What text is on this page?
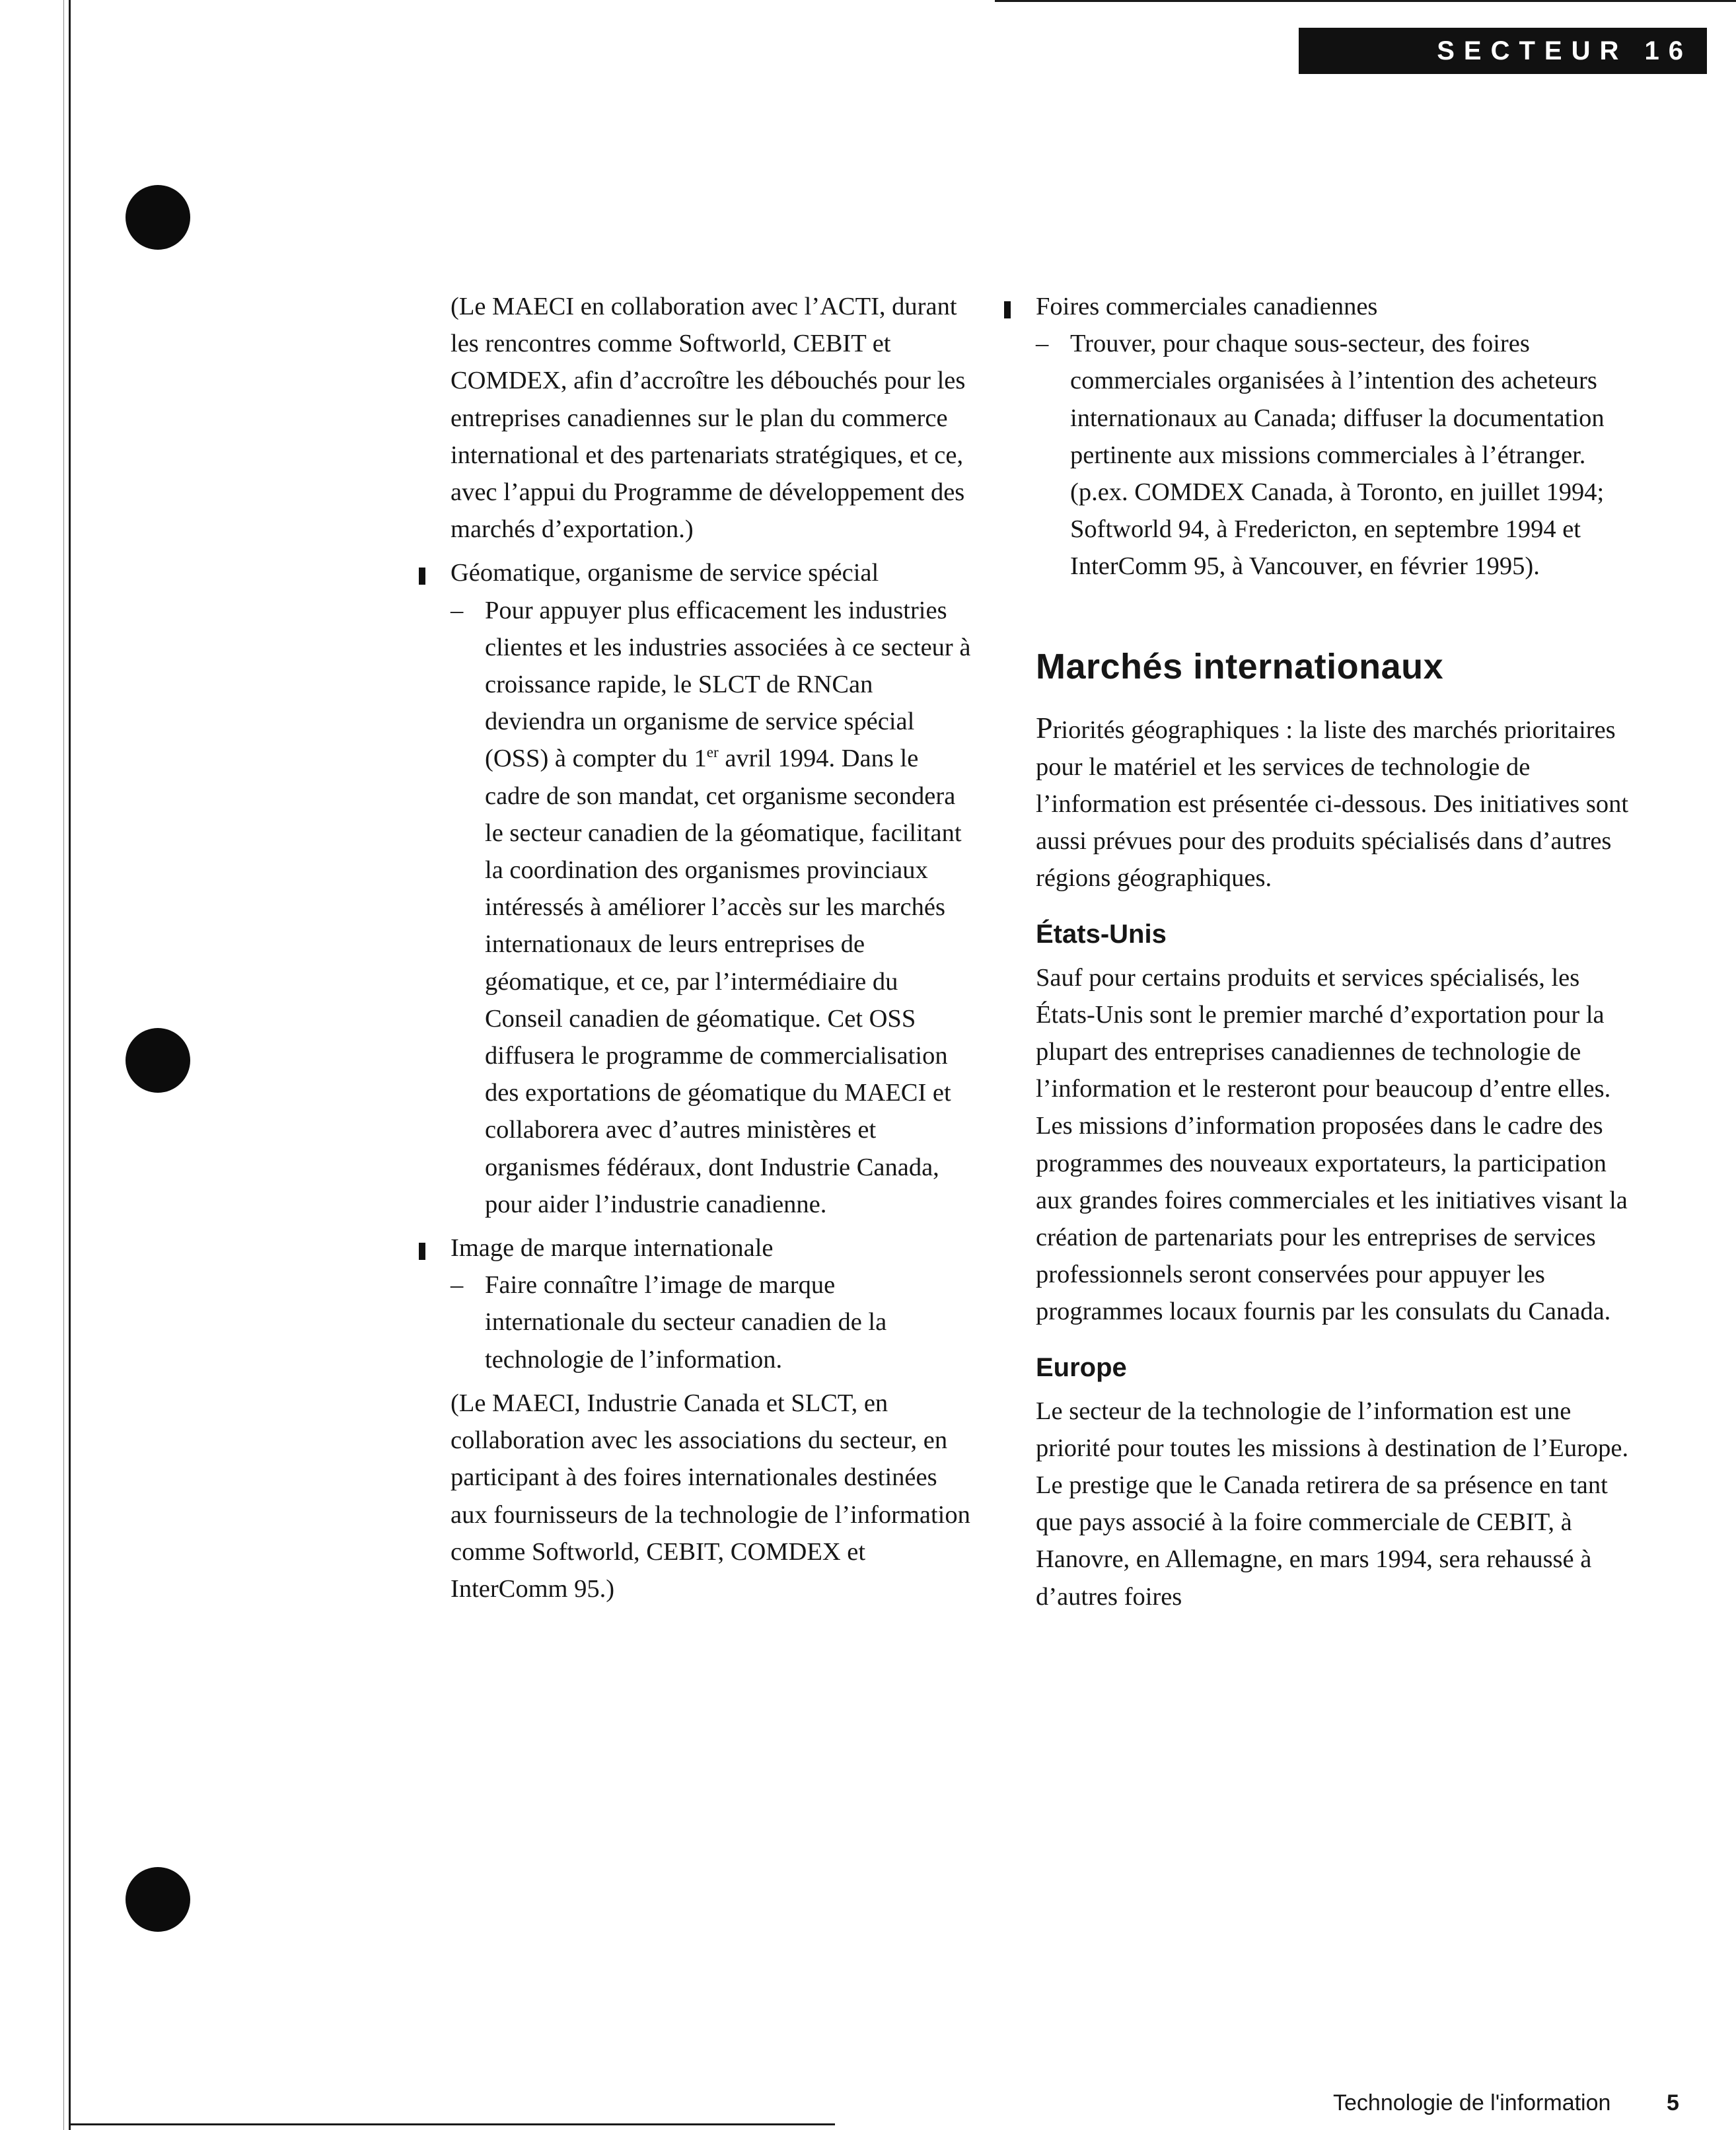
SECTEUR 16

(Le MAECI en collaboration avec l’ACTI, durant les rencontres comme Softworld, CEBIT et COMDEX, afin d’accroître les débouchés pour les entreprises canadiennes sur le plan du commerce international et des partenariats stratégiques, et ce, avec l’appui du Programme de développement des marchés d’exportation.)

Géomatique, organisme de service spécial

– Pour appuyer plus efficacement les industries clientes et les industries associées à ce secteur à croissance rapide, le SLCT de RNCan deviendra un organisme de service spécial (OSS) à compter du 1er avril 1994. Dans le cadre de son mandat, cet organisme secondera le secteur canadien de la géomatique, facilitant la coordination des organismes provinciaux intéressés à améliorer l’accès sur les marchés internationaux de leurs entreprises de géomatique, et ce, par l’intermédiaire du Conseil canadien de géomatique. Cet OSS diffusera le programme de commercialisation des exportations de géomatique du MAECI et collaborera avec d’autres ministères et organismes fédéraux, dont Industrie Canada, pour aider l’industrie canadienne.

Image de marque internationale

– Faire connaître l’image de marque internationale du secteur canadien de la technologie de l’information.

(Le MAECI, Industrie Canada et SLCT, en collaboration avec les associations du secteur, en participant à des foires internationales destinées aux fournisseurs de la technologie de l’information comme Softworld, CEBIT, COMDEX et InterComm 95.)

Foires commerciales canadiennes

– Trouver, pour chaque sous-secteur, des foires commerciales organisées à l’intention des acheteurs internationaux au Canada; diffuser la documentation pertinente aux missions commerciales à l’étranger. (p.ex. COMDEX Canada, à Toronto, en juillet 1994; Softworld 94, à Fredericton, en septembre 1994 et InterComm 95, à Vancouver, en février 1995).

Marchés internationaux

Priorités géographiques : la liste des marchés prioritaires pour le matériel et les services de technologie de l’information est présentée ci-dessous. Des initiatives sont aussi prévues pour des produits spécialisés dans d’autres régions géographiques.

États-Unis

Sauf pour certains produits et services spécialisés, les États-Unis sont le premier marché d’exportation pour la plupart des entreprises canadiennes de technologie de l’information et le resteront pour beaucoup d’entre elles. Les missions d’information proposées dans le cadre des programmes des nouveaux exportateurs, la participation aux grandes foires commerciales et les initiatives visant la création de partenariats pour les entreprises de services professionnels seront conservées pour appuyer les programmes locaux fournis par les consulats du Canada.

Europe

Le secteur de la technologie de l’information est une priorité pour toutes les missions à destination de l’Europe. Le prestige que le Canada retirera de sa présence en tant que pays associé à la foire commerciale de CEBIT, à Hanovre, en Allemagne, en mars 1994, sera rehaussé à d’autres foires

Technologie de l'information 5
